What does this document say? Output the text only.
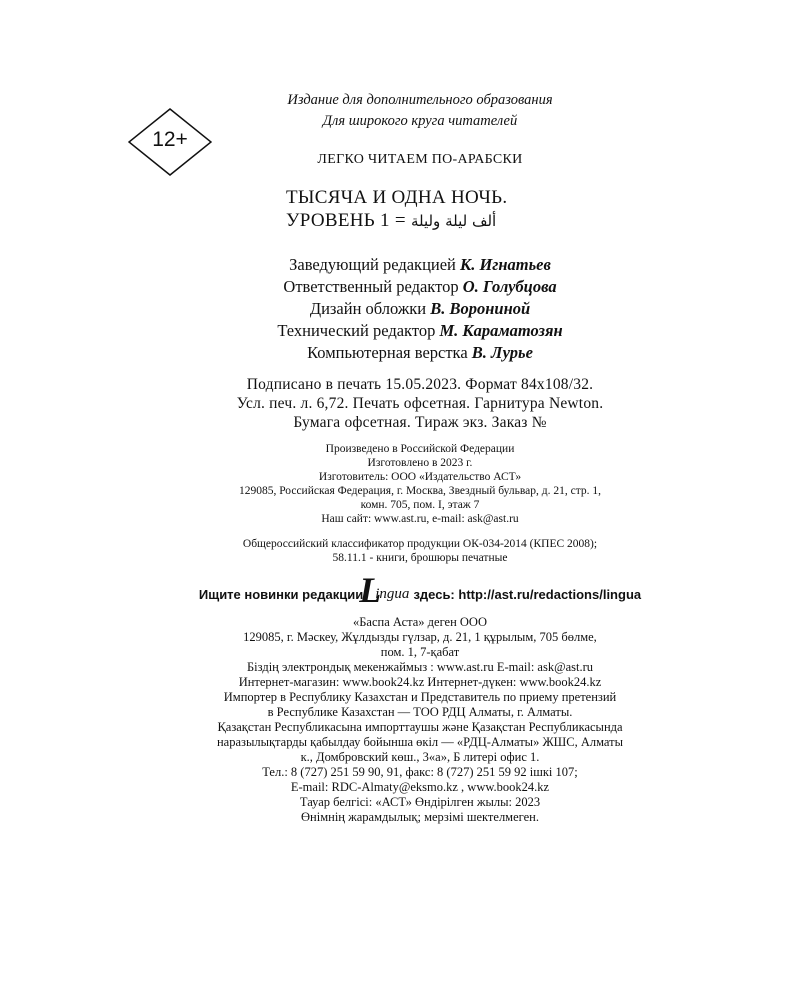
12+
Издание для дополнительного образования
Для широкого круга читателей
ЛЕГКО ЧИТАЕМ ПО-АРАБСКИ
ТЫСЯЧА И ОДНА НОЧЬ.
УРОВЕНЬ 1 = ألف ليلة وليلة
Заведующий редакцией К. Игнатьев
Ответственный редактор О. Голубцова
Дизайн обложки В. Ворониной
Технический редактор М. Караматозян
Компьютерная верстка В. Лурье
Подписано в печать 15.05.2023. Формат 84x108/32.
Усл. печ. л. 6,72. Печать офсетная. Гарнитура Newton.
Бумага офсетная. Тираж экз. Заказ №
Произведено в Российской Федерации
Изготовлено в 2023 г.
Изготовитель: ООО «Издательство АСТ»
129085, Российская Федерация, г. Москва, Звездный бульвар, д. 21, стр. 1,
комн. 705, пом. I, этаж 7
Наш сайт: www.ast.ru, e-mail: ask@ast.ru
Общероссийский классификатор продукции ОК-034-2014 (КПЕС 2008);
58.11.1 - книги, брошюры печатные
Ищите новинки редакции
L
ingua здесь: http://ast.ru/redactions/lingua
«Баспа Аста» деген ООО
129085, г. Мәскеу, Жұлдызды гүлзар, д. 21, 1 құрылым, 705 бөлме,
пом. 1, 7-қабат
Біздің электрондық мекенжаймыз : www.ast.ru E-mail: ask@ast.ru
Интернет-магазин: www.book24.kz Интернет-дүкен: www.book24.kz
Импортер в Республику Казахстан и Представитель по приему претензий
в Республике Казахстан — ТОО РДЦ Алматы, г. Алматы.
Қазақстан Республикасына импорттаушы және Қазақстан Республикасында
наразылықтарды қабылдау бойынша өкіл — «РДЦ-Алматы» ЖШС, Алматы
к., Домбровский көш., 3«а», Б литері офис 1.
Тел.: 8 (727) 251 59 90, 91, факс: 8 (727) 251 59 92 ішкі 107;
E-mail: RDC-Almaty@eksmo.kz , www.book24.kz
Тауар белгісі: «АСТ» Өндірілген жылы: 2023
Өнімнің жарамдылық; мерзімі шектелмеген.
